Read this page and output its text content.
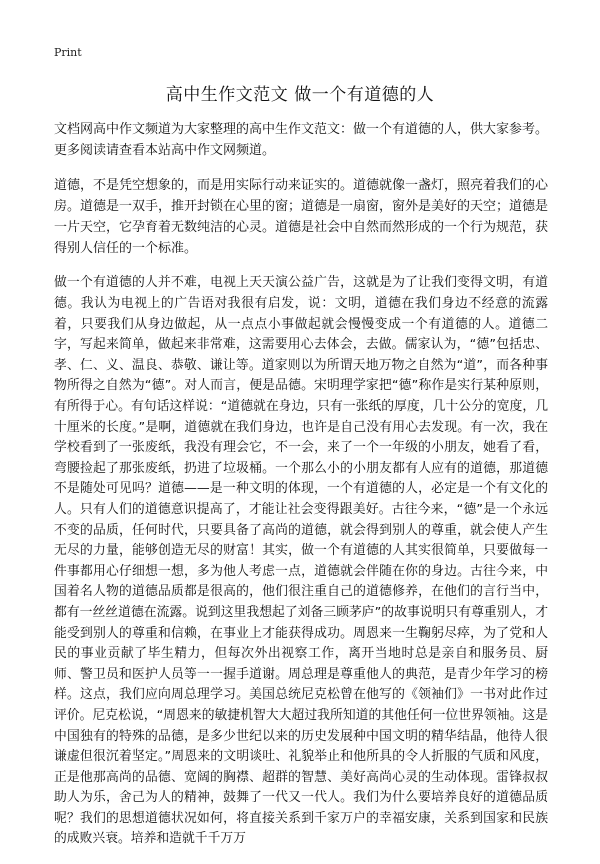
Print
高中生作文范文 做一个有道德的人

文档网高中作文频道为大家整理的高中生作文范文：做一个有道德的人，供大家参考。更多阅读请查看本站高中作文网频道。

道德，不是凭空想象的，而是用实际行动来证实的。道德就像一盏灯，照亮着我们的心房。道德是一双手，推开封锁在心里的窗；道德是一扇窗，窗外是美好的天空；道德是一片天空，它孕育着无数纯洁的心灵。道德是社会中自然而然形成的一个行为规范，获得别人信任的一个标准。

做一个有道德的人并不难，电视上天天演公益广告，这就是为了让我们变得文明，有道德。我认为电视上的广告语对我很有启发，说：文明，道德在我们身边不经意的流露着，只要我们从身边做起，从一点点小事做起就会慢慢变成一个有道德的人。道德二字，写起来简单，做起来非常难，这需要用心去体会，去做。儒家认为，“德”包括忠、孝、仁、义、温良、恭敬、谦让等。道家则以为所谓天地万物之自然为“道”，而各种事物所得之自然为“德”。对人而言，便是品德。宋明理学家把“德”称作是实行某种原则，有所得于心。有句话这样说：“道德就在身边，只有一张纸的厚度，几十公分的宽度，几十厘米的长度。”是啊，道德就在我们身边，也许是自己没有用心去发现。有一次，我在学校看到了一张废纸，我没有理会它，不一会，来了一个一年级的小朋友，她看了看，弯腰捡起了那张废纸，扔进了垃圾桶。一个那么小的小朋友都有人应有的道德，那道德不是随处可见吗？道德——是一种文明的体现，一个有道德的人，必定是一个有文化的人。只有人们的道德意识提高了，才能让社会变得跟美好。古往今来，“德”是一个永远不变的品质，任何时代，只要具备了高尚的道德，就会得到别人的尊重，就会使人产生无尽的力量，能够创造无尽的财富！其实，做一个有道德的人其实很简单，只要做每一件事都用心仔细想一想，多为他人考虑一点，道德就会伴随在你的身边。古往今来，中国着名人物的道德品质都是很高的，他们很注重自己的道德修养，在他们的言行当中，都有一丝丝道德在流露。说到这里我想起了刘备三顾茅庐”的故事说明只有尊重别人，才能受到别人的尊重和信赖，在事业上才能获得成功。周恩来一生鞠躬尽瘁，为了党和人民的事业贡献了毕生精力，但每次外出视察工作，离开当地时总是亲自和服务员、厨师、警卫员和医护人员等一一握手道谢。周总理是尊重他人的典范，是青少年学习的榜样。这点，我们应向周总理学习。美国总统尼克松曾在他写的《领袖们》一书对此作过评价。尼克松说，“周恩来的敏捷机智大大超过我所知道的其他任何一位世界领袖。这是中国独有的特殊的品德，是多少世纪以来的历史发展种中国文明的精华结晶，他待人很谦虚但很沉着坚定。”周恩来的文明谈吐、礼貌举止和他所具的令人折服的气质和风度，正是他那高尚的品德、宽阔的胸襟、超群的智慧、美好高尚心灵的生动体现。雷锋叔叔助人为乐，舍己为人的精神，鼓舞了一代又一代人。我们为什么要培养良好的道德品质呢？我们的思想道德状况如何，将直接关系到千家万户的幸福安康，关系到国家和民族的成败兴衰。培养和造就千千万万
